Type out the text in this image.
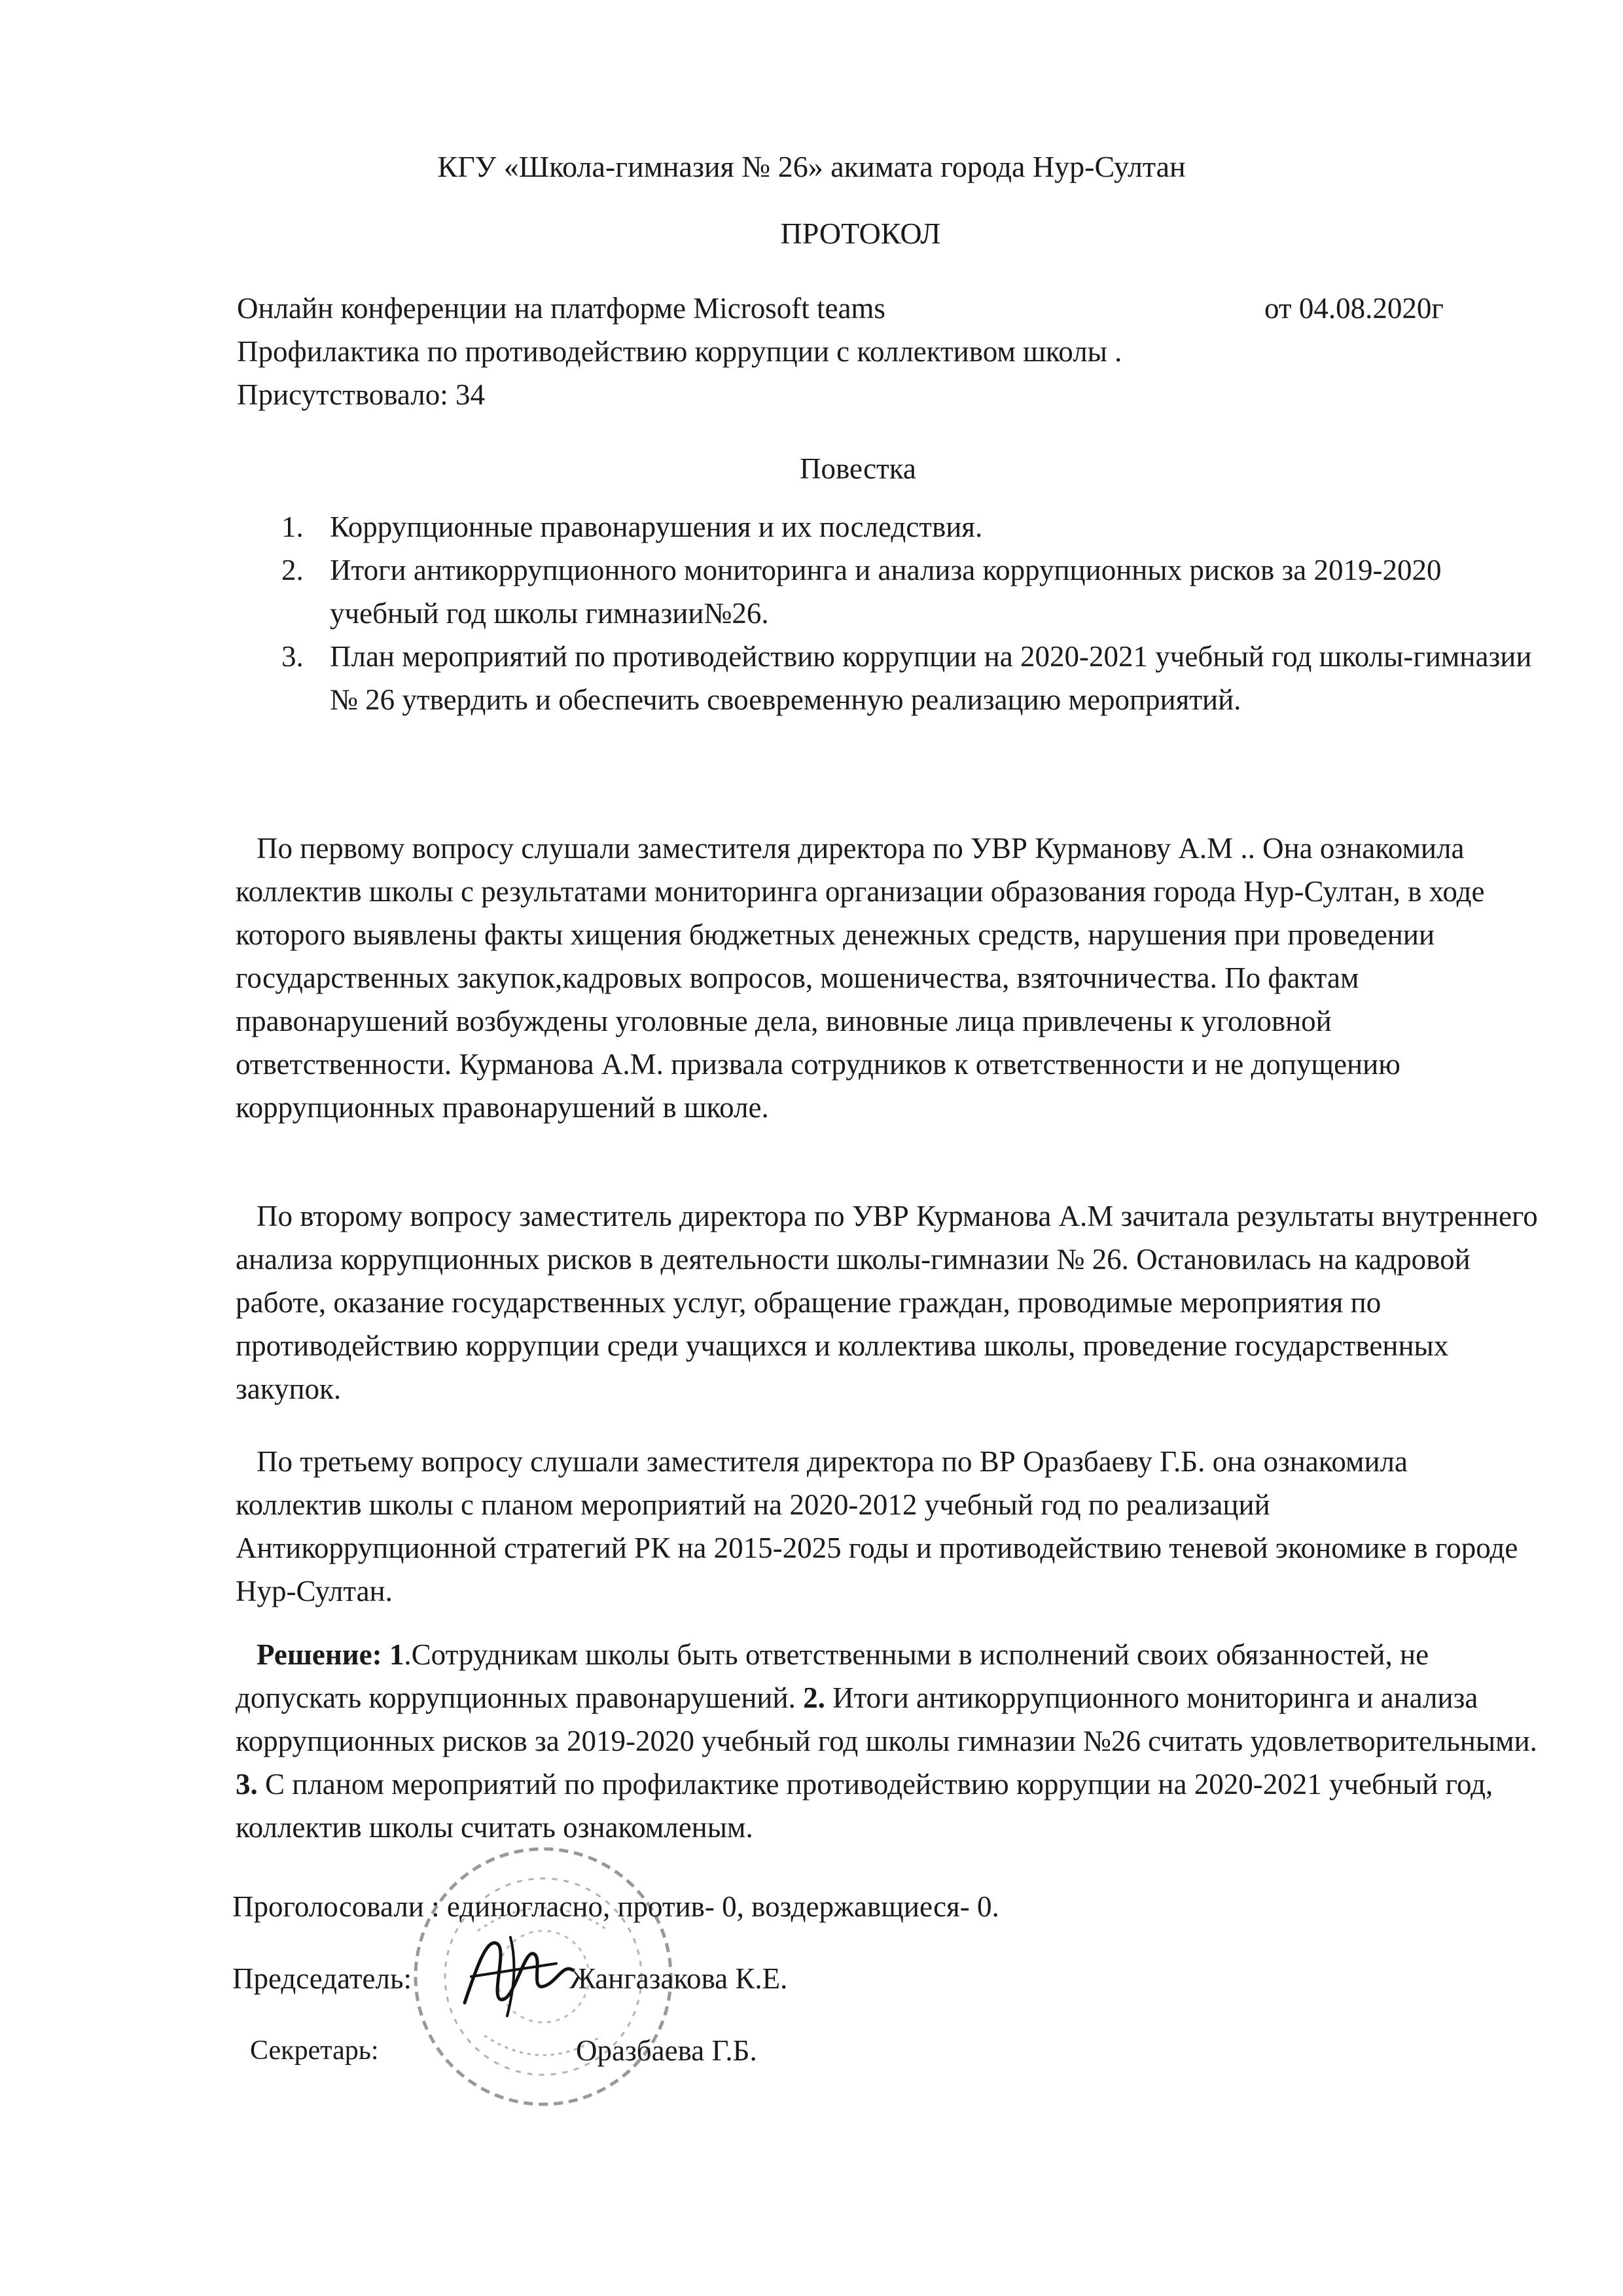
КГУ «Школа-гимназия № 26» акимата города Нур-Султан
ПРОТОКОЛ
Онлайн конференции на платформе Microsoft teams
Профилактика по противодействию коррупции с коллективом школы .
Присутствовало: 34
от 04.08.2020г
Повестка
1. Коррупционные правонарушения и их последствия.
2. Итоги антикоррупционного мониторинга и анализа коррупционных рисков за 2019-2020 учебный год школы гимназии№26.
3. План мероприятий по противодействию коррупции на 2020-2021 учебный год школы-гимназии № 26 утвердить и обеспечить своевременную реализацию мероприятий.

По первому вопросу слушали заместителя директора по УВР Курманову А.М .. Она ознакомила коллектив школы с результатами мониторинга организации образования города Нур-Султан, в ходе которого выявлены факты хищения бюджетных денежных средств, нарушения при проведении государственных закупок,кадровых вопросов, мошеничества, взяточничества. По фактам правонарушений возбуждены уголовные дела, виновные лица привлечены к уголовной ответственности. Курманова А.М. призвала сотрудников к ответственности и не допущению коррупционных правонарушений в школе.

По второму вопросу заместитель директора по УВР Курманова А.М зачитала результаты внутреннего анализа коррупционных рисков в деятельности школы-гимназии № 26. Остановилась на кадровой работе, оказание государственных услуг, обращение граждан, проводимые мероприятия по противодействию коррупции среди учащихся и коллектива школы, проведение государственных закупок.

По третьему вопросу слушали заместителя директора по ВР Оразбаеву Г.Б. она ознакомила коллектив школы с планом мероприятий на 2020-2012 учебный год по реализаций Антикоррупционной стратегий РК на 2015-2025 годы и противодействию теневой экономике в городе Нур-Султан.

Решение: 1.Сотрудникам школы быть ответственными в исполнений своих обязанностей, не допускать коррупционных правонарушений. 2. Итоги антикоррупционного мониторинга и анализа коррупционных рисков за 2019-2020 учебный год школы гимназии №26 считать удовлетворительными. 3. С планом мероприятий по профилактике противодействию коррупции на 2020-2021 учебный год, коллектив школы считать ознакомленым.

Проголосовали : единогласно, против- 0, воздержавщиеся- 0.
Председатель:	Жангазакова К.Е.
Секретарь:	Оразбаева Г.Б.
